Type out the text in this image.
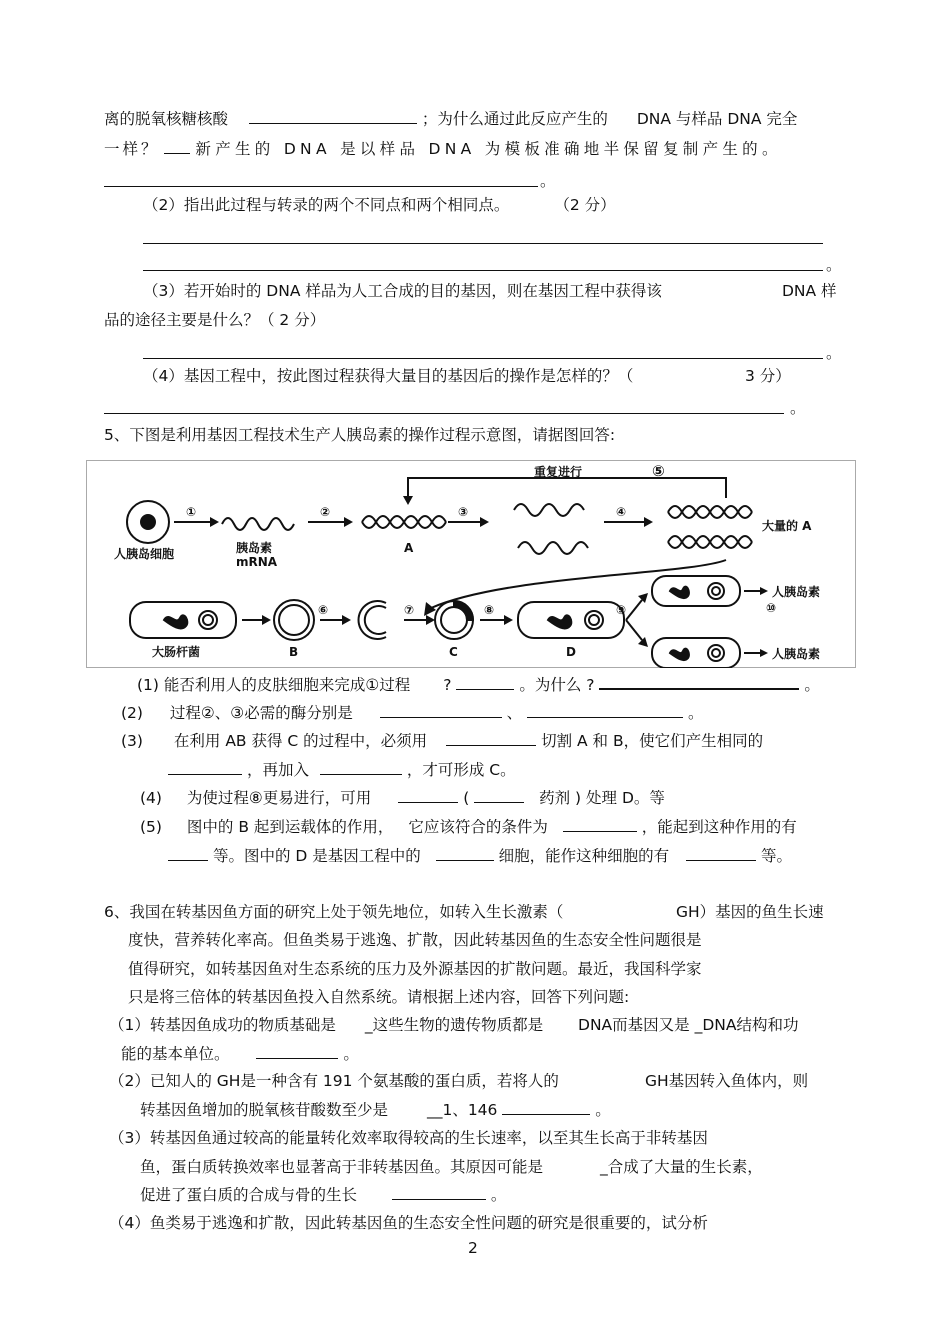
离的脱氧核糖核酸	；为什么通过此反应产生的 DNA 与样品 DNA 完全
一样？ 新产生的 DNA 是以样品 DNA 为模板准确地半保留复制产生的。
。
（2）指出此过程与转录的两个不同点和两个相同点。	（2 分）
。
（3）若开始时的 DNA 样品为人工合成的目的基因，则在基因工程中获得该	DNA 样
品的途径主要是什么？（ 2 分）
。
（4）基因工程中，按此图过程获得大量目的基因后的操作是怎样的？（	3 分）
。
5、下图是利用基因工程技术生产人胰岛素的操作过程示意图，请据图回答:
重复进行	⑤
①	②	③	④
人胰岛细胞	胰岛素
mRNA
A
大量的 A
⑥	⑦	⑧	⑨	⑩
大肠杆菌	B	C	D
人胰岛素
人胰岛素
(1) 能否利用人的皮肤细胞来完成①过程 ?	。为什么 ?	。
(2) 过程②、③必需的酶分别是	、	。
(3) 在利用 AB 获得 C 的过程中，必须用	切割 A 和 B，使它们产生相同的
，再加入	，才可形成 C。
(4) 为使过程⑧更易进行，可用	(	药剂 ) 处理 D。等
(5) 图中的 B 起到运载体的作用， 它应该符合的条件为	，能起到这种作用的有
等。图中的 D 是基因工程中的	细胞，能作这种细胞的有	等。
6、我国在转基因鱼方面的研究上处于领先地位，如转入生长激素（	GH）基因的鱼生长速
度快，营养转化率高。但鱼类易于逃逸、扩散，因此转基因鱼的生态安全性问题很是
值得研究，如转基因鱼对生态系统的压力及外源基因的扩散问题。最近，我国科学家
只是将三倍体的转基因鱼投入自然系统。请根据上述内容，回答下列问题:
（1）转基因鱼成功的物质基础是 _这些生物的遗传物质都是 DNA而基因又是 _DNA结构和功
能的基本单位。	。
（2）已知人的 GH是一种含有 191 个氨基酸的蛋白质，若将人的	GH基因转入鱼体内，则
转基因鱼增加的脱氧核苷酸数至少是	__1、146	。
（3）转基因鱼通过较高的能量转化效率取得较高的生长速率，以至其生长高于非转基因
鱼，蛋白质转换效率也显著高于非转基因鱼。其原因可能是	_合成了大量的生长素，
促进了蛋白质的合成与骨的生长	。
（4）鱼类易于逃逸和扩散，因此转基因鱼的生态安全性问题的研究是很重要的，试分析
2
